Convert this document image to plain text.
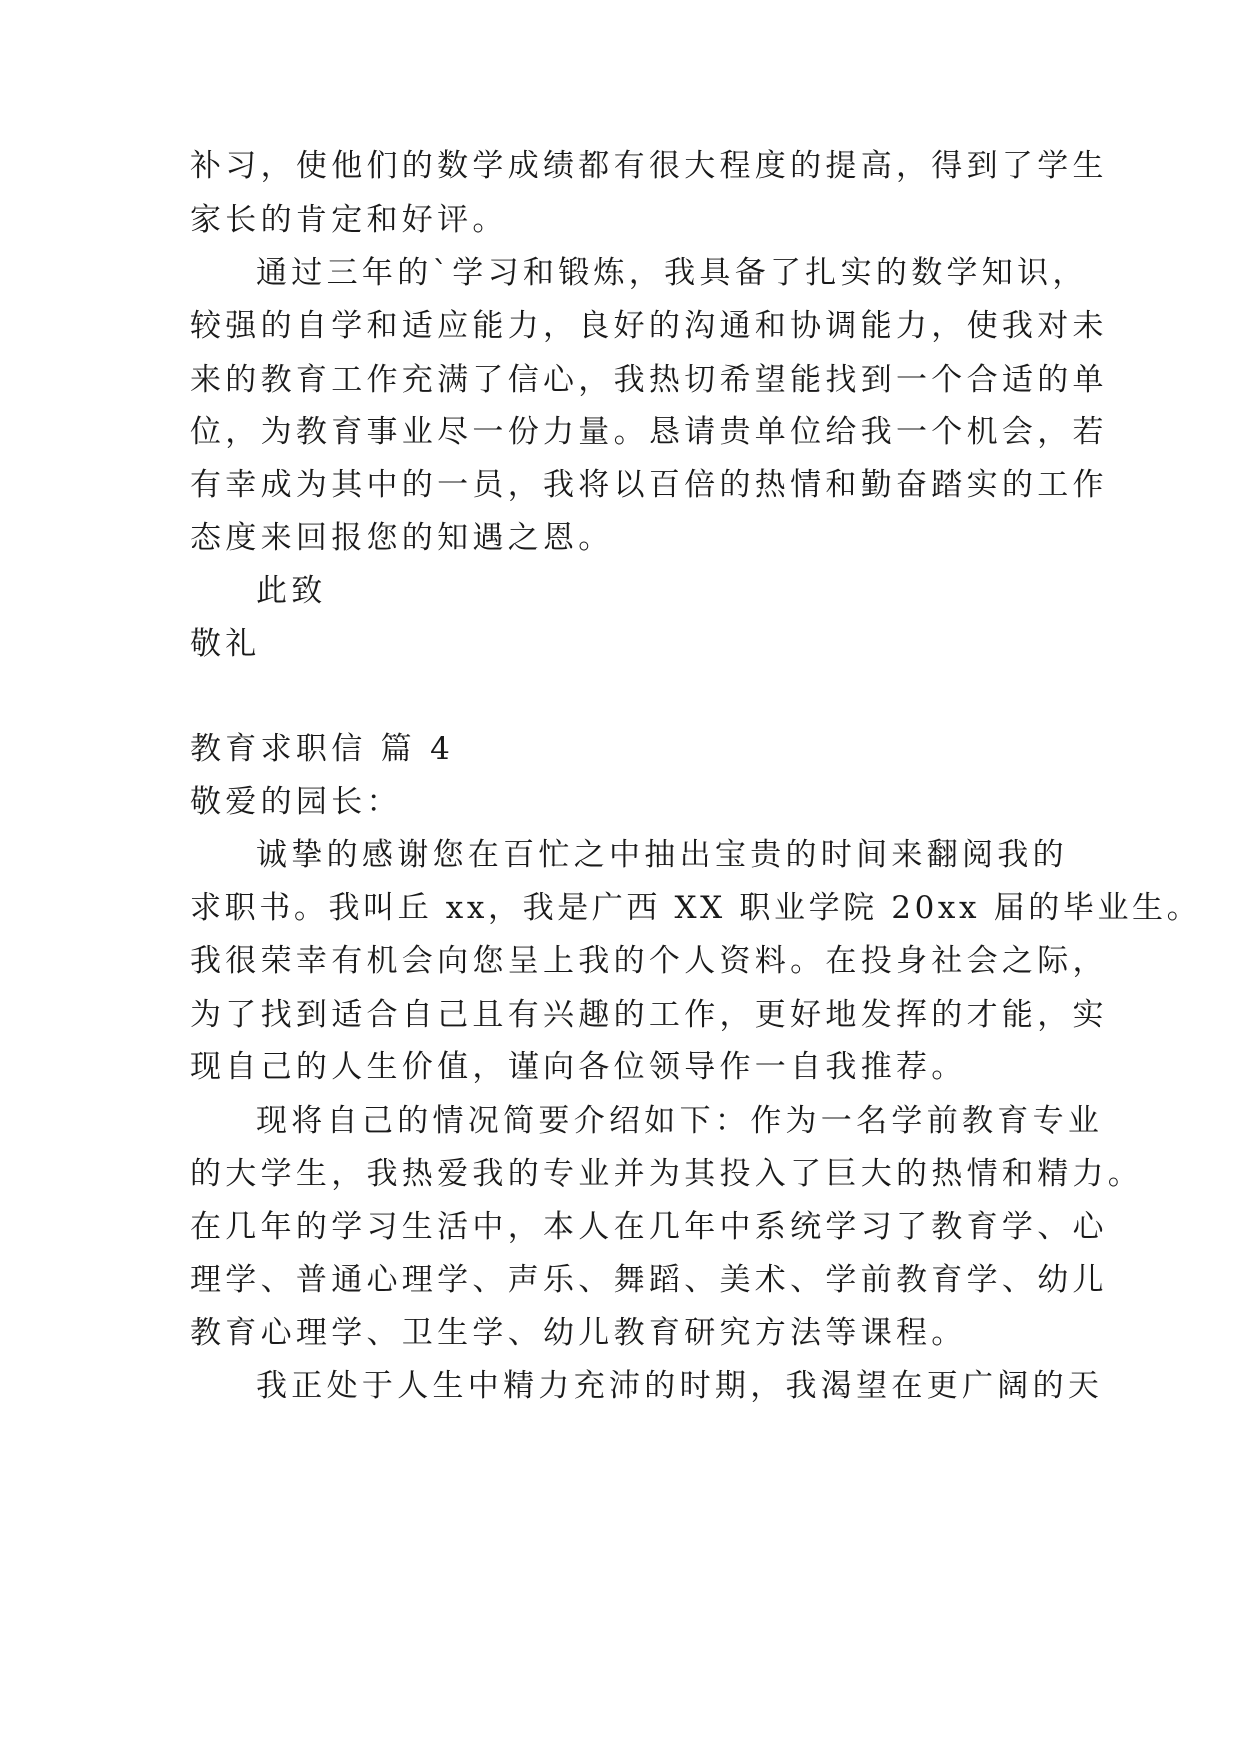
补习，使他们的数学成绩都有很大程度的提高，得到了学生
家长的肯定和好评。
通过三年的`学习和锻炼，我具备了扎实的数学知识，
较强的自学和适应能力，良好的沟通和协调能力，使我对未
来的教育工作充满了信心，我热切希望能找到一个合适的单
位，为教育事业尽一份力量。恳请贵单位给我一个机会，若
有幸成为其中的一员，我将以百倍的热情和勤奋踏实的工作
态度来回报您的知遇之恩。
此致
敬礼
教育求职信 篇 4
敬爱的园长：
诚挚的感谢您在百忙之中抽出宝贵的时间来翻阅我的
求职书。我叫丘 xx，我是广西 XX 职业学院 20xx 届的毕业生。
我很荣幸有机会向您呈上我的个人资料。在投身社会之际，
为了找到适合自己且有兴趣的工作，更好地发挥的才能，实
现自己的人生价值，谨向各位领导作一自我推荐。
现将自己的情况简要介绍如下：作为一名学前教育专业
的大学生，我热爱我的专业并为其投入了巨大的热情和精力。
在几年的学习生活中，本人在几年中系统学习了教育学、心
理学、普通心理学、声乐、舞蹈、美术、学前教育学、幼儿
教育心理学、卫生学、幼儿教育研究方法等课程。
我正处于人生中精力充沛的时期，我渴望在更广阔的天
